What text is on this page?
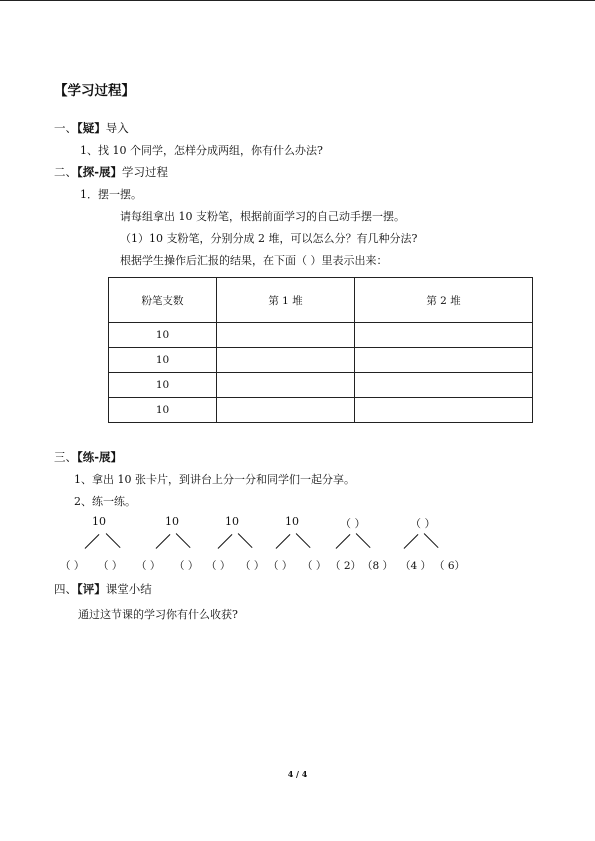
【学习过程】
一、【疑】导入
1、找 10 个同学，怎样分成两组，你有什么办法?
二、【探-展】学习过程
1．摆一摆。
请每组拿出 10 支粉笔，根据前面学习的自己动手摆一摆。
（1）10 支粉笔，分别分成 2 堆，可以怎么分？有几种分法?
根据学生操作后汇报的结果，在下面（ ）里表示出来：
粉笔支数	第 1 堆	第 2 堆
10		
10		
10		
10		
三、【练-展】
1、拿出 10 张卡片，到讲台上分一分和同学们一起分享。
2、练一练。
10	10	10	10	（ ）	（ ）
（ ） （ ） （ ） （ ） （ ） （ ） （ ） （ ） （ 2） （8 ） （4 ） （ 6）
四、【评】课堂小结
通过这节课的学习你有什么收获?
4 / 4
